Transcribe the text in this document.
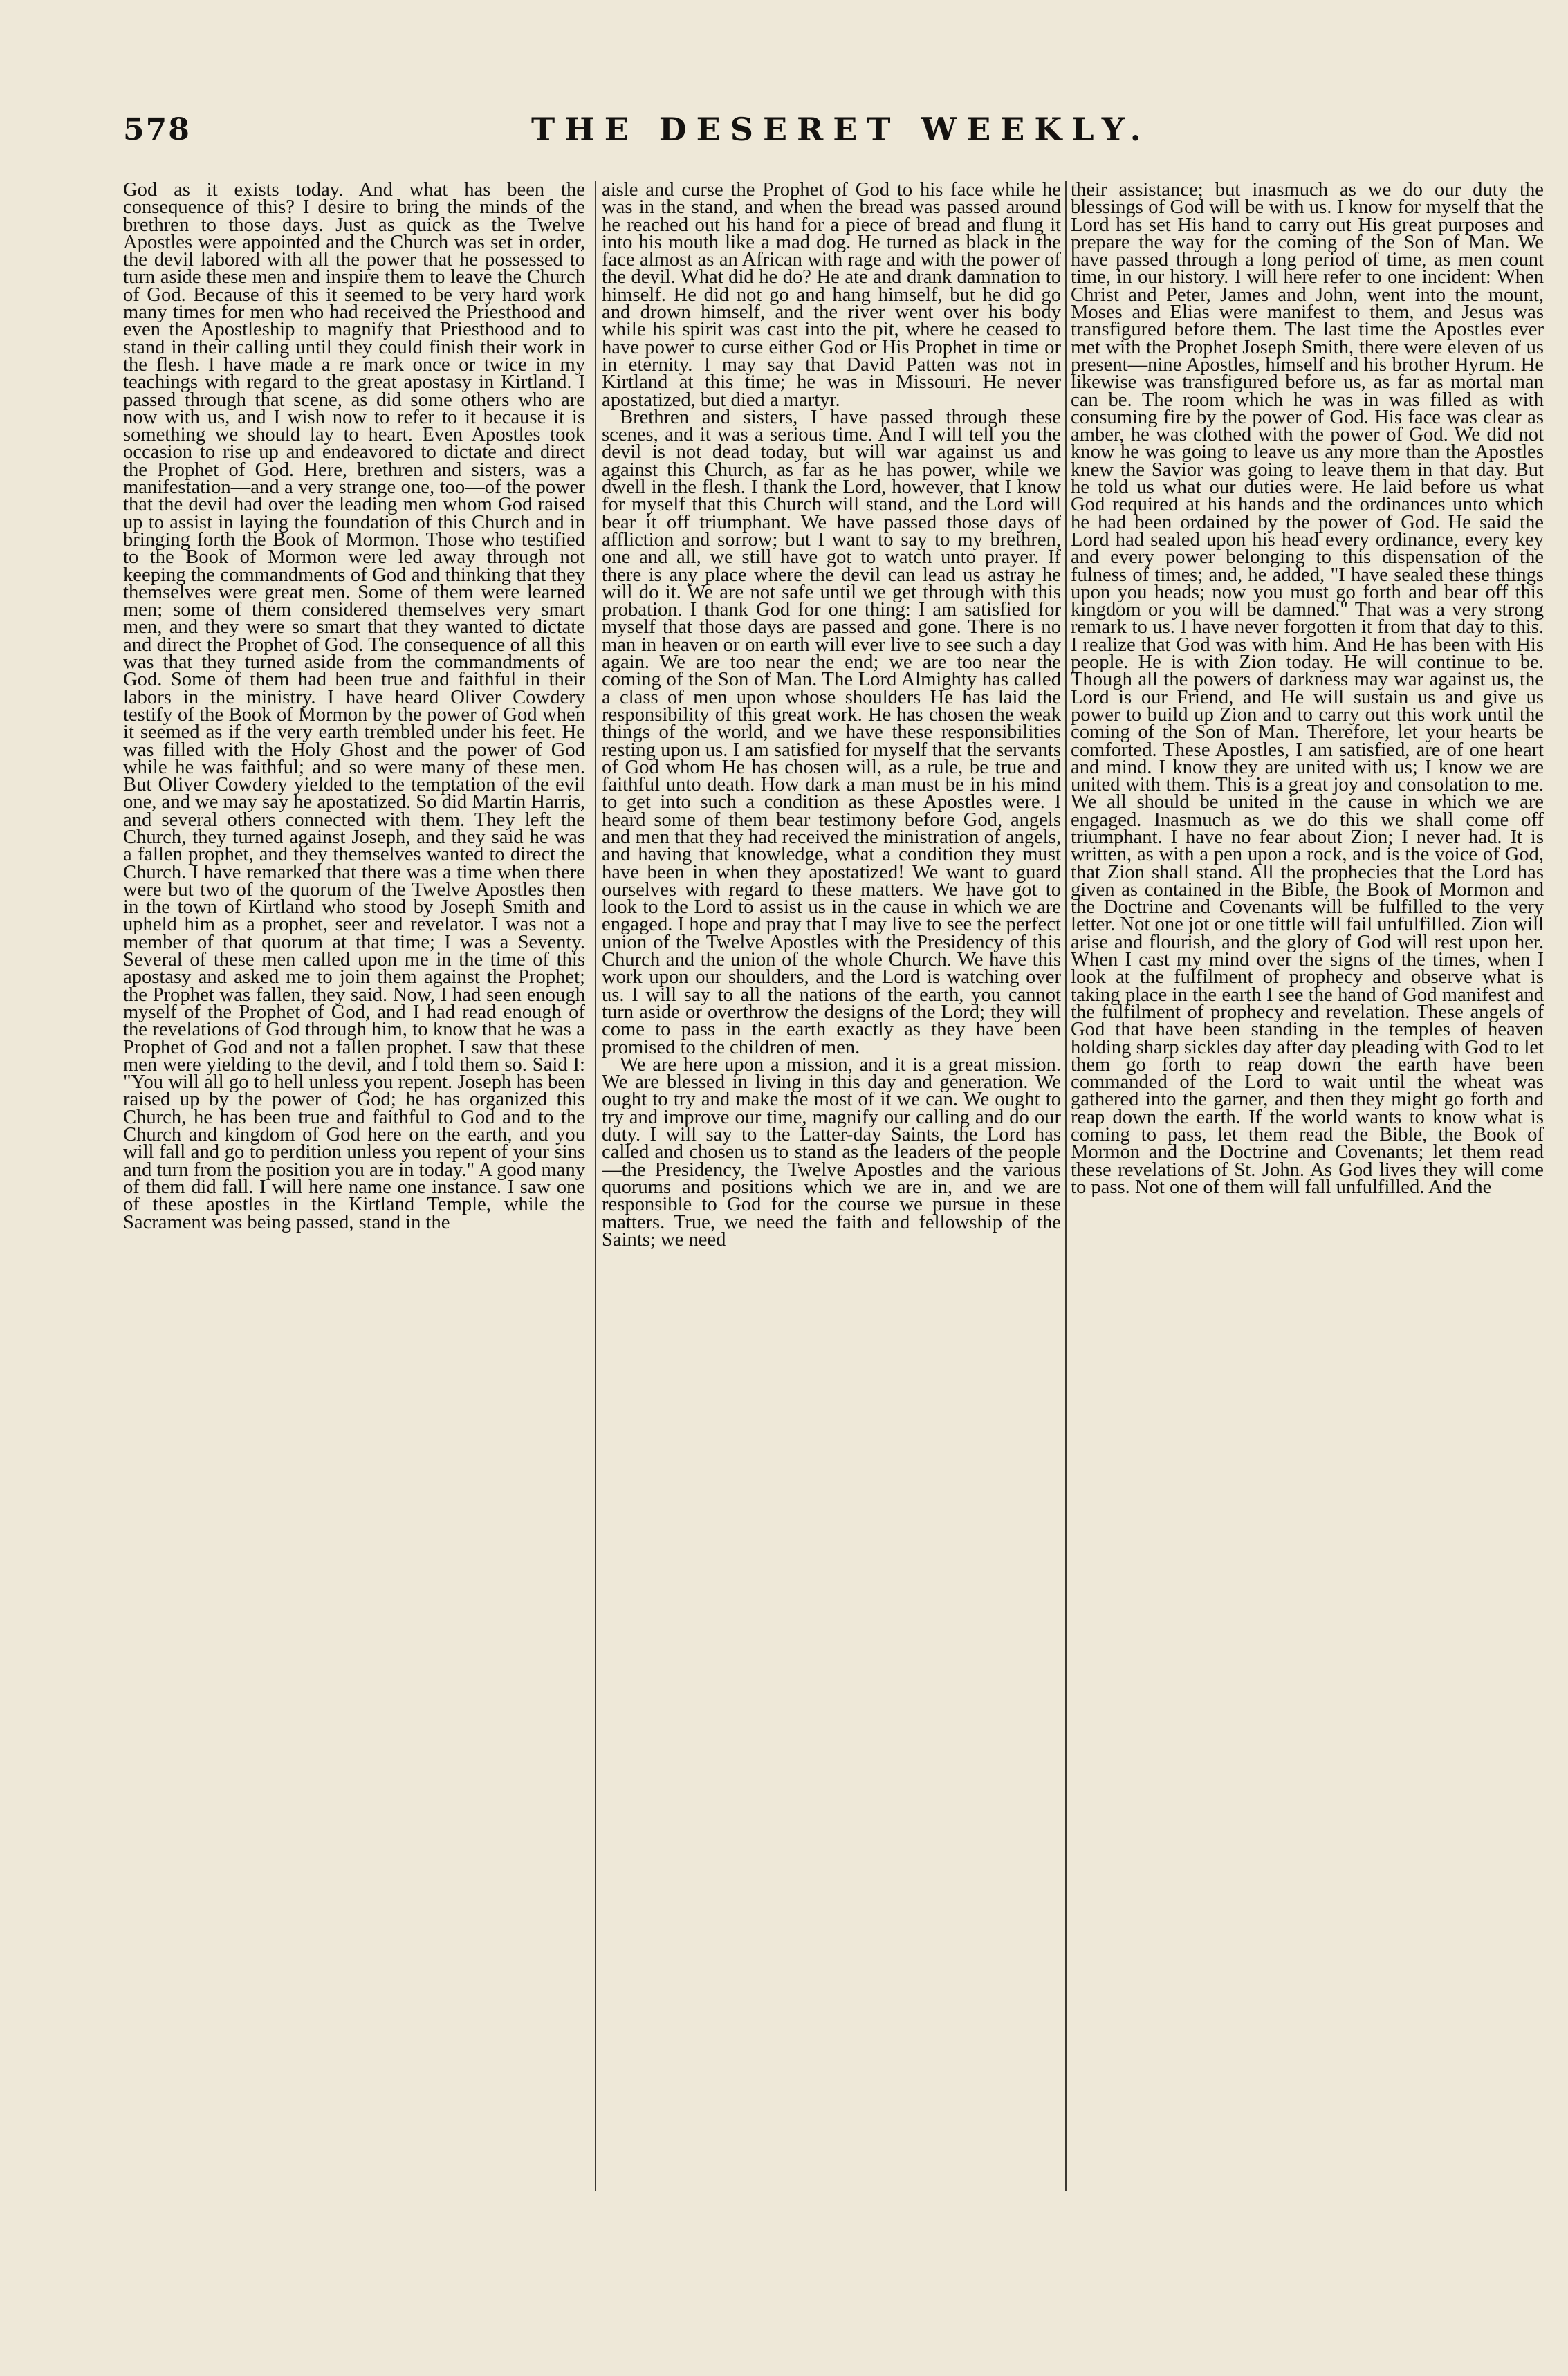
578	THE DESERET WEEKLY.

God as it exists today. And what has been the consequence of this? I desire to bring the minds of the brethren to those days. Just as quick as the Twelve Apostles were appointed and the Church was set in order, the devil labored with all the power that he possessed to turn aside these men and inspire them to leave the Church of God. Because of this it seemed to be very hard work many times for men who had received the Priesthood and even the Apostleship to magnify that Priesthood and to stand in their calling until they could finish their work in the flesh. I have made a re mark once or twice in my teachings with regard to the great apostasy in Kirtland. I passed through that scene, as did some others who are now with us, and I wish now to refer to it because it is something we should lay to heart. Even Apostles took occasion to rise up and endeavored to dictate and direct the Prophet of God. Here, brethren and sisters, was a manifestation—and a very strange one, too—of the power that the devil had over the leading men whom God raised up to assist in laying the foundation of this Church and in bringing forth the Book of Mormon. Those who testified to the Book of Mormon were led away through not keeping the commandments of God and thinking that they themselves were great men. Some of them were learned men; some of them considered themselves very smart men, and they were so smart that they wanted to dictate and direct the Prophet of God. The consequence of all this was that they turned aside from the commandments of God. Some of them had been true and faithful in their labors in the ministry. I have heard Oliver Cowdery testify of the Book of Mormon by the power of God when it seemed as if the very earth trembled under his feet. He was filled with the Holy Ghost and the power of God while he was faithful; and so were many of these men. But Oliver Cowdery yielded to the temptation of the evil one, and we may say he apostatized. So did Martin Harris, and several others connected with them. They left the Church, they turned against Joseph, and they said he was a fallen prophet, and they themselves wanted to direct the Church. I have remarked that there was a time when there were but two of the quorum of the Twelve Apostles then in the town of Kirtland who stood by Joseph Smith and upheld him as a prophet, seer and revelator. I was not a member of that quorum at that time; I was a Seventy. Several of these men called upon me in the time of this apostasy and asked me to join them against the Prophet; the Prophet was fallen, they said. Now, I had seen enough myself of the Prophet of God, and I had read enough of the revelations of God through him, to know that he was a Prophet of God and not a fallen prophet. I saw that these men were yielding to the devil, and I told them so. Said I: "You will all go to hell unless you repent. Joseph has been raised up by the power of God; he has organized this Church, he has been true and faithful to God and to the Church and kingdom of God here on the earth, and you will fall and go to perdition unless you repent of your sins and turn from the position you are in today." A good many of them did fall. I will here name one instance. I saw one of these apostles in the Kirtland Temple, while the Sacrament was being passed, stand in the

aisle and curse the Prophet of God to his face while he was in the stand, and when the bread was passed around he reached out his hand for a piece of bread and flung it into his mouth like a mad dog. He turned as black in the face almost as an African with rage and with the power of the devil. What did he do? He ate and drank damnation to himself. He did not go and hang himself, but he did go and drown himself, and the river went over his body while his spirit was cast into the pit, where he ceased to have power to curse either God or His Prophet in time or in eternity. I may say that David Patten was not in Kirtland at this time; he was in Missouri. He never apostatized, but died a martyr.

Brethren and sisters, I have passed through these scenes, and it was a serious time. And I will tell you the devil is not dead today, but will war against us and against this Church, as far as he has power, while we dwell in the flesh. I thank the Lord, however, that I know for myself that this Church will stand, and the Lord will bear it off triumphant. We have passed those days of affliction and sorrow; but I want to say to my brethren, one and all, we still have got to watch unto prayer. If there is any place where the devil can lead us astray he will do it. We are not safe until we get through with this probation. I thank God for one thing: I am satisfied for myself that those days are passed and gone. There is no man in heaven or on earth will ever live to see such a day again. We are too near the end; we are too near the coming of the Son of Man. The Lord Almighty has called a class of men upon whose shoulders He has laid the responsibility of this great work. He has chosen the weak things of the world, and we have these responsibilities resting upon us. I am satisfied for myself that the servants of God whom He has chosen will, as a rule, be true and faithful unto death. How dark a man must be in his mind to get into such a condition as these Apostles were. I heard some of them bear testimony before God, angels and men that they had received the ministration of angels, and having that knowledge, what a condition they must have been in when they apostatized! We want to guard ourselves with regard to these matters. We have got to look to the Lord to assist us in the cause in which we are engaged. I hope and pray that I may live to see the perfect union of the Twelve Apostles with the Presidency of this Church and the union of the whole Church. We have this work upon our shoulders, and the Lord is watching over us. I will say to all the nations of the earth, you cannot turn aside or overthrow the designs of the Lord; they will come to pass in the earth exactly as they have been promised to the children of men.

We are here upon a mission, and it is a great mission. We are blessed in living in this day and generation. We ought to try and make the most of it we can. We ought to try and improve our time, magnify our calling and do our duty. I will say to the Latter-day Saints, the Lord has called and chosen us to stand as the leaders of the people—the Presidency, the Twelve Apostles and the various quorums and positions which we are in, and we are responsible to God for the course we pursue in these matters. True, we need the faith and fellowship of the Saints; we need

their assistance; but inasmuch as we do our duty the blessings of God will be with us. I know for myself that the Lord has set His hand to carry out His great purposes and prepare the way for the coming of the Son of Man. We have passed through a long period of time, as men count time, in our history. I will here refer to one incident: When Christ and Peter, James and John, went into the mount, Moses and Elias were manifest to them, and Jesus was transfigured before them. The last time the Apostles ever met with the Prophet Joseph Smith, there were eleven of us present—nine Apostles, himself and his brother Hyrum. He likewise was transfigured before us, as far as mortal man can be. The room which he was in was filled as with consuming fire by the power of God. His face was clear as amber, he was clothed with the power of God. We did not know he was going to leave us any more than the Apostles knew the Savior was going to leave them in that day. But he told us what our duties were. He laid before us what God required at his hands and the ordinances unto which he had been ordained by the power of God. He said the Lord had sealed upon his head every ordinance, every key and every power belonging to this dispensation of the fulness of times; and, he added, "I have sealed these things upon you heads; now you must go forth and bear off this kingdom or you will be damned." That was a very strong remark to us. I have never forgotten it from that day to this. I realize that God was with him. And He has been with His people. He is with Zion today. He will continue to be. Though all the powers of darkness may war against us, the Lord is our Friend, and He will sustain us and give us power to build up Zion and to carry out this work until the coming of the Son of Man. Therefore, let your hearts be comforted. These Apostles, I am satisfied, are of one heart and mind. I know they are united with us; I know we are united with them. This is a great joy and consolation to me. We all should be united in the cause in which we are engaged. Inasmuch as we do this we shall come off triumphant. I have no fear about Zion; I never had. It is written, as with a pen upon a rock, and is the voice of God, that Zion shall stand. All the prophecies that the Lord has given as contained in the Bible, the Book of Mormon and the Doctrine and Covenants will be fulfilled to the very letter. Not one jot or one tittle will fail unfulfilled. Zion will arise and flourish, and the glory of God will rest upon her. When I cast my mind over the signs of the times, when I look at the fulfilment of prophecy and observe what is taking place in the earth I see the hand of God manifest and the fulfilment of prophecy and revelation. These angels of God that have been standing in the temples of heaven holding sharp sickles day after day pleading with God to let them go forth to reap down the earth have been commanded of the Lord to wait until the wheat was gathered into the garner, and then they might go forth and reap down the earth. If the world wants to know what is coming to pass, let them read the Bible, the Book of Mormon and the Doctrine and Covenants; let them read these revelations of St. John. As God lives they will come to pass. Not one of them will fall unfulfilled. And the
